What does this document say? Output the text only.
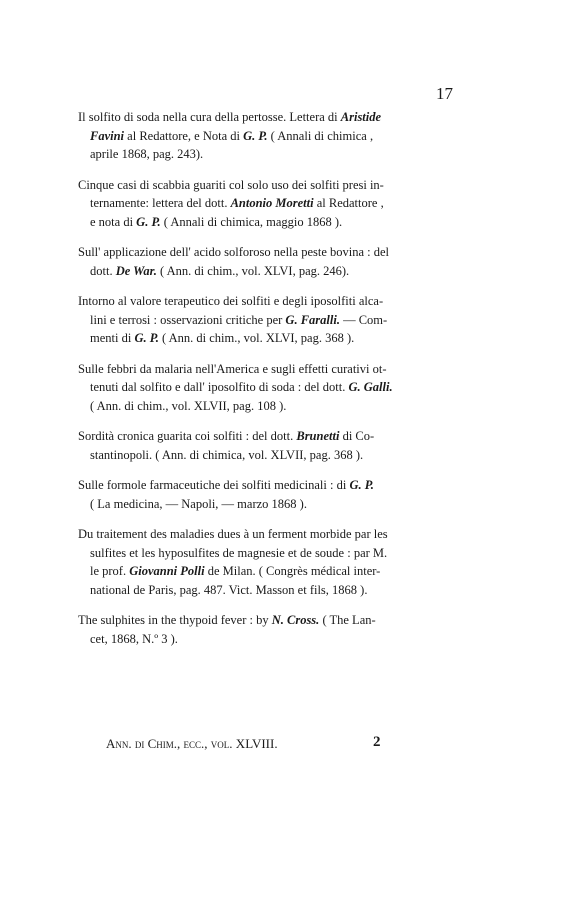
17

Il solfito di soda nella cura della pertosse. Lettera di Aristide
Favini al Redattore, e Nota di G. P. ( Annali di chimica ,
aprile 1868, pag. 243).

Cinque casi di scabbia guariti col solo uso dei solfiti presi in-
ternamente: lettera del dott. Antonio Moretti al Redattore ,
e nota di G. P. ( Annali di chimica, maggio 1868 ).

Sull' applicazione dell' acido solforoso nella peste bovina : del
dott. De War. ( Ann. di chim., vol. XLVI, pag. 246).

Intorno al valore terapeutico dei solfiti e degli iposolfiti alca-
lini e terrosi : osservazioni critiche per G. Faralli. — Com-
menti di G. P. ( Ann. di chim., vol. XLVI, pag. 368 ).

Sulle febbri da malaria nell'America e sugli effetti curativi ot-
tenuti dal solfito e dall' iposolfito di soda : del dott. G. Galli.
( Ann. di chim., vol. XLVII, pag. 108 ).

Sordità cronica guarita coi solfiti : del dott. Brunetti di Co-
stantinopoli. ( Ann. di chimica, vol. XLVII, pag. 368 ).

Sulle formole farmaceutiche dei solfiti medicinali : di G. P.
( La medicina, — Napoli, — marzo 1868 ).

Du traitement des maladies dues à un ferment morbide par les
sulfites et les hyposulfites de magnesie et de soude : par M.
le prof. Giovanni Polli de Milan. ( Congrès médical inter-
national de Paris, pag. 487. Vict. Masson et fils, 1868 ).

The sulphites in the thypoid fever : by N. Cross. ( The Lan-
cet, 1868, N.º 3 ).

Ann. di Chim., ecc., vol. XLVIII.	2
